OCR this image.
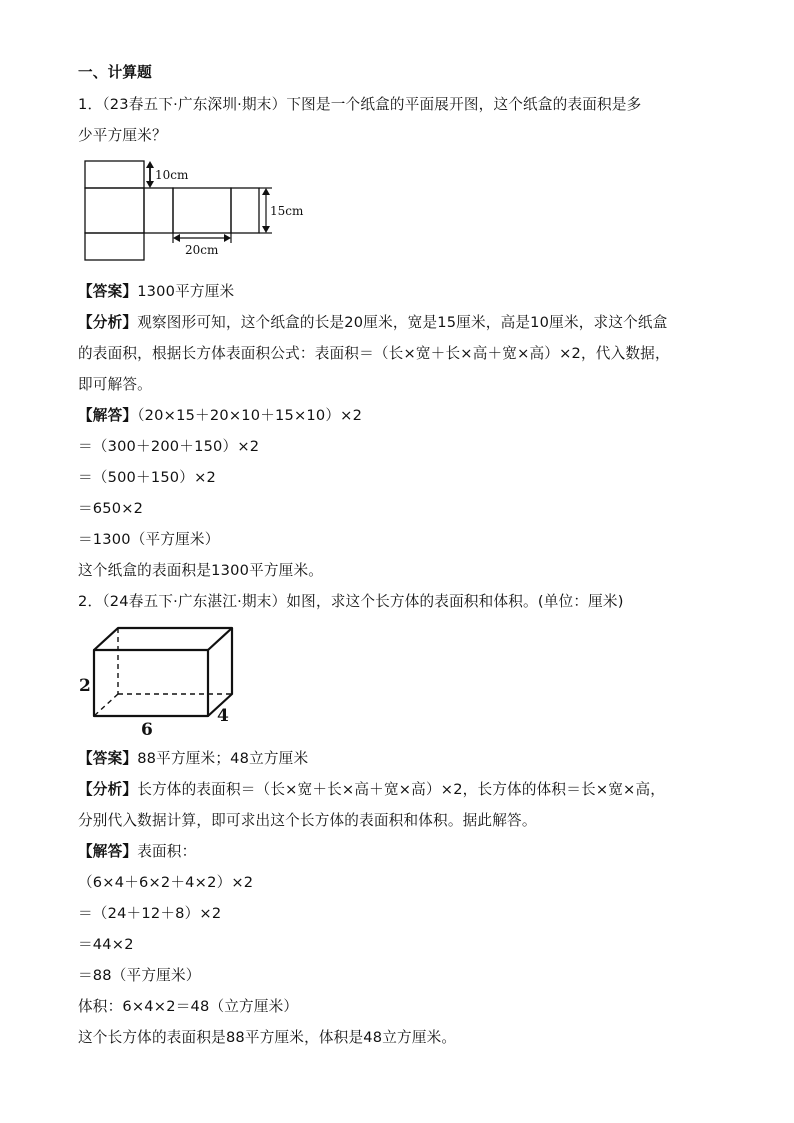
一、计算题
1．（23春五下·广东深圳·期末）下图是一个纸盒的平面展开图，这个纸盒的表面积是多
少平方厘米？
10cm
15cm
20cm
【答案】1300平方厘米
【分析】观察图形可知，这个纸盒的长是20厘米，宽是15厘米，高是10厘米，求这个纸盒
的表面积，根据长方体表面积公式：表面积＝（长×宽＋长×高＋宽×高）×2，代入数据，
即可解答。
【解答】（20×15＋20×10＋15×10）×2
＝（300＋200＋150）×2
＝（500＋150）×2
＝650×2
＝1300（平方厘米）
这个纸盒的表面积是1300平方厘米。
2．（24春五下·广东湛江·期末）如图，求这个长方体的表面积和体积。(单位：厘米)
2
6
4
【答案】88平方厘米；48立方厘米
【分析】长方体的表面积＝（长×宽＋长×高＋宽×高）×2，长方体的体积＝长×宽×高，
分别代入数据计算，即可求出这个长方体的表面积和体积。据此解答。
【解答】表面积：
（6×4＋6×2＋4×2）×2
＝（24＋12＋8）×2
＝44×2
＝88（平方厘米）
体积：6×4×2＝48（立方厘米）
这个长方体的表面积是88平方厘米，体积是48立方厘米。
